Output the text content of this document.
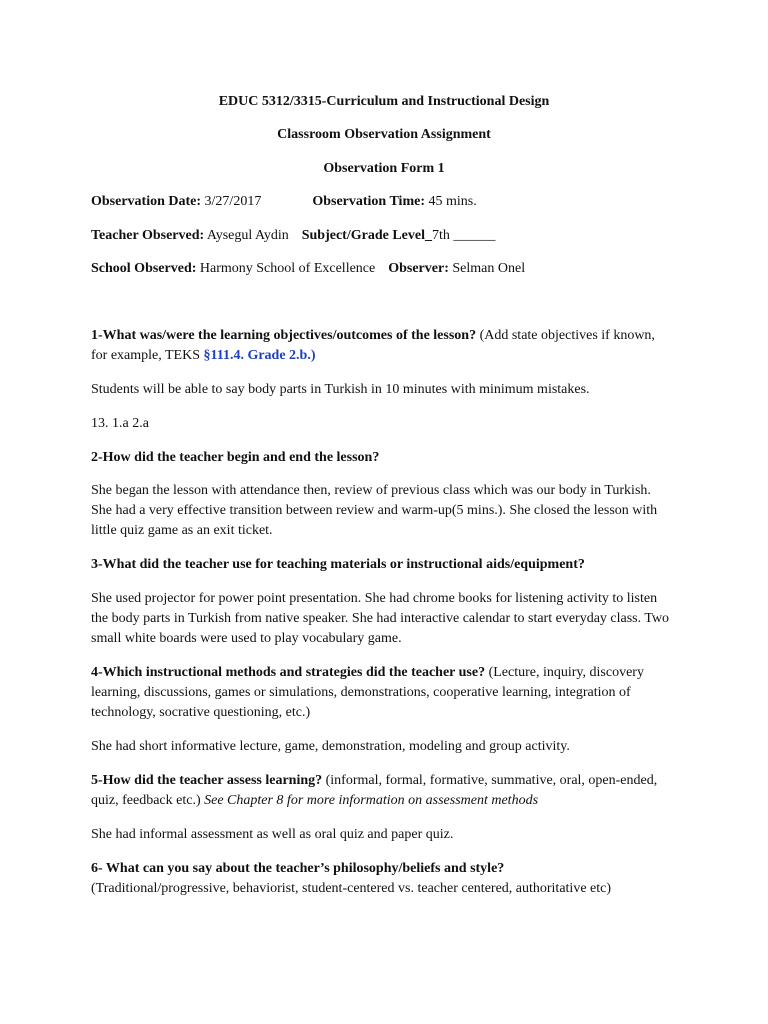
EDUC 5312/3315-Curriculum and Instructional Design
Classroom Observation Assignment
Observation Form 1
Observation Date: 3/27/2017	Observation Time: 45 mins.
Teacher Observed: Aysegul Aydin Subject/Grade Level_7th ______
School Observed: Harmony School of Excellence Observer: Selman Onel
1-What was/were the learning objectives/outcomes of the lesson? (Add state objectives if known, for example, TEKS §111.4. Grade 2.b.)
Students will be able to say body parts in Turkish in 10 minutes with minimum mistakes.
13. 1.a 2.a
2-How did the teacher begin and end the lesson?
She began the lesson with attendance then, review of previous class which was our body in Turkish. She had a very effective transition between review and warm-up(5 mins.). She closed the lesson with little quiz game as an exit ticket.
3-What did the teacher use for teaching materials or instructional aids/equipment?
She used projector for power point presentation. She had chrome books for listening activity to listen the body parts in Turkish from native speaker. She had interactive calendar to start everyday class. Two small white boards were used to play vocabulary game.
4-Which instructional methods and strategies did the teacher use? (Lecture, inquiry, discovery learning, discussions, games or simulations, demonstrations, cooperative learning, integration of technology, socrative questioning, etc.)
She had short informative lecture, game, demonstration, modeling and group activity.
5-How did the teacher assess learning? (informal, formal, formative, summative, oral, open-ended, quiz, feedback etc.) See Chapter 8 for more information on assessment methods
She had informal assessment as well as oral quiz and paper quiz.
6- What can you say about the teacher’s philosophy/beliefs and style?
(Traditional/progressive, behaviorist, student-centered vs. teacher centered, authoritative etc)
